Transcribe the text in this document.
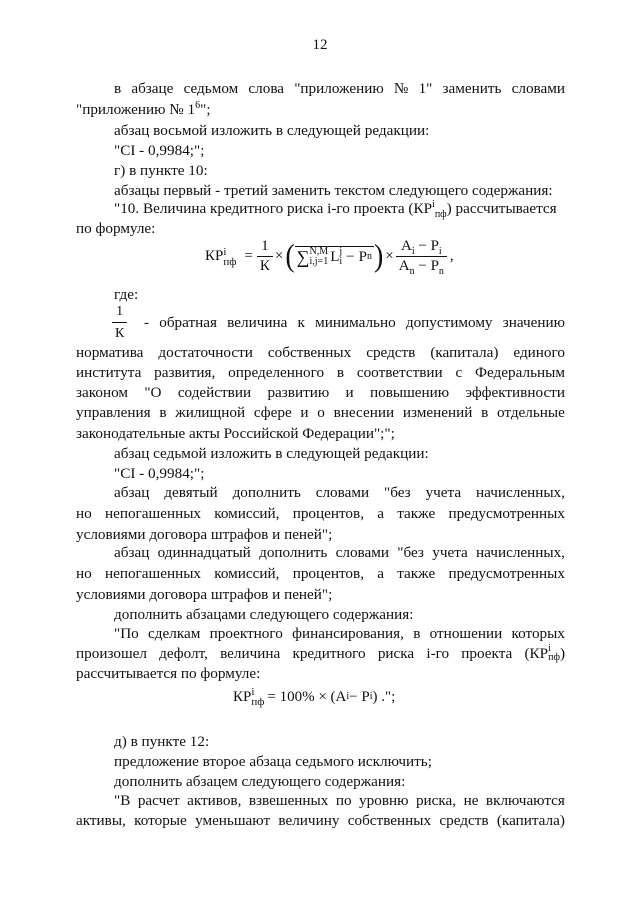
12
в абзаце седьмом слова "приложению № 1" заменить словами
"приложению № $1^6$";
абзац восьмой изложить в следующей редакции:
"CI - 0,9984;";
г) в пункте 10:
абзацы первый - третий заменить текстом следующего содержания:
"10. Величина кредитного риска i-го проекта $(КР^i_{пф})$ рассчитывается
по формуле:
КР i
пф = $\frac{1}{К}$ × ( ∑ N,M
i,j=1 L j
i − P n ) × $\frac{A_i - P_i}{A_n - P_n}$ ,
где:
$\frac{1}{К}$ - обратная величина к минимально допустимому значению
норматива достаточности собственных средств (капитала) единого
института развития, определенного в соответствии с Федеральным
законом "О содействии развитию и повышению эффективности
управления в жилищной сфере и о внесении изменений в отдельные
законодательные акты Российской Федерации";";
абзац седьмой изложить в следующей редакции:
"CI - 0,9984;";
абзац девятый дополнить словами "без учета начисленных,
но непогашенных комиссий, процентов, а также предусмотренных
условиями договора штрафов и пеней";
абзац одиннадцатый дополнить словами "без учета начисленных,
но непогашенных комиссий, процентов, а также предусмотренных
условиями договора штрафов и пеней";
дополнить абзацами следующего содержания:
"По сделкам проектного финансирования, в отношении которых
произошел дефолт, величина кредитного риска i-го проекта (КР i
пф )
рассчитывается по формуле:
КР i
пф = 100% × (A i − P i ) .";
д) в пункте 12:
предложение второе абзаца седьмого исключить;
дополнить абзацем следующего содержания:
"В расчет активов, взвешенных по уровню риска, не включаются
активы, которые уменьшают величину собственных средств (капитала)
